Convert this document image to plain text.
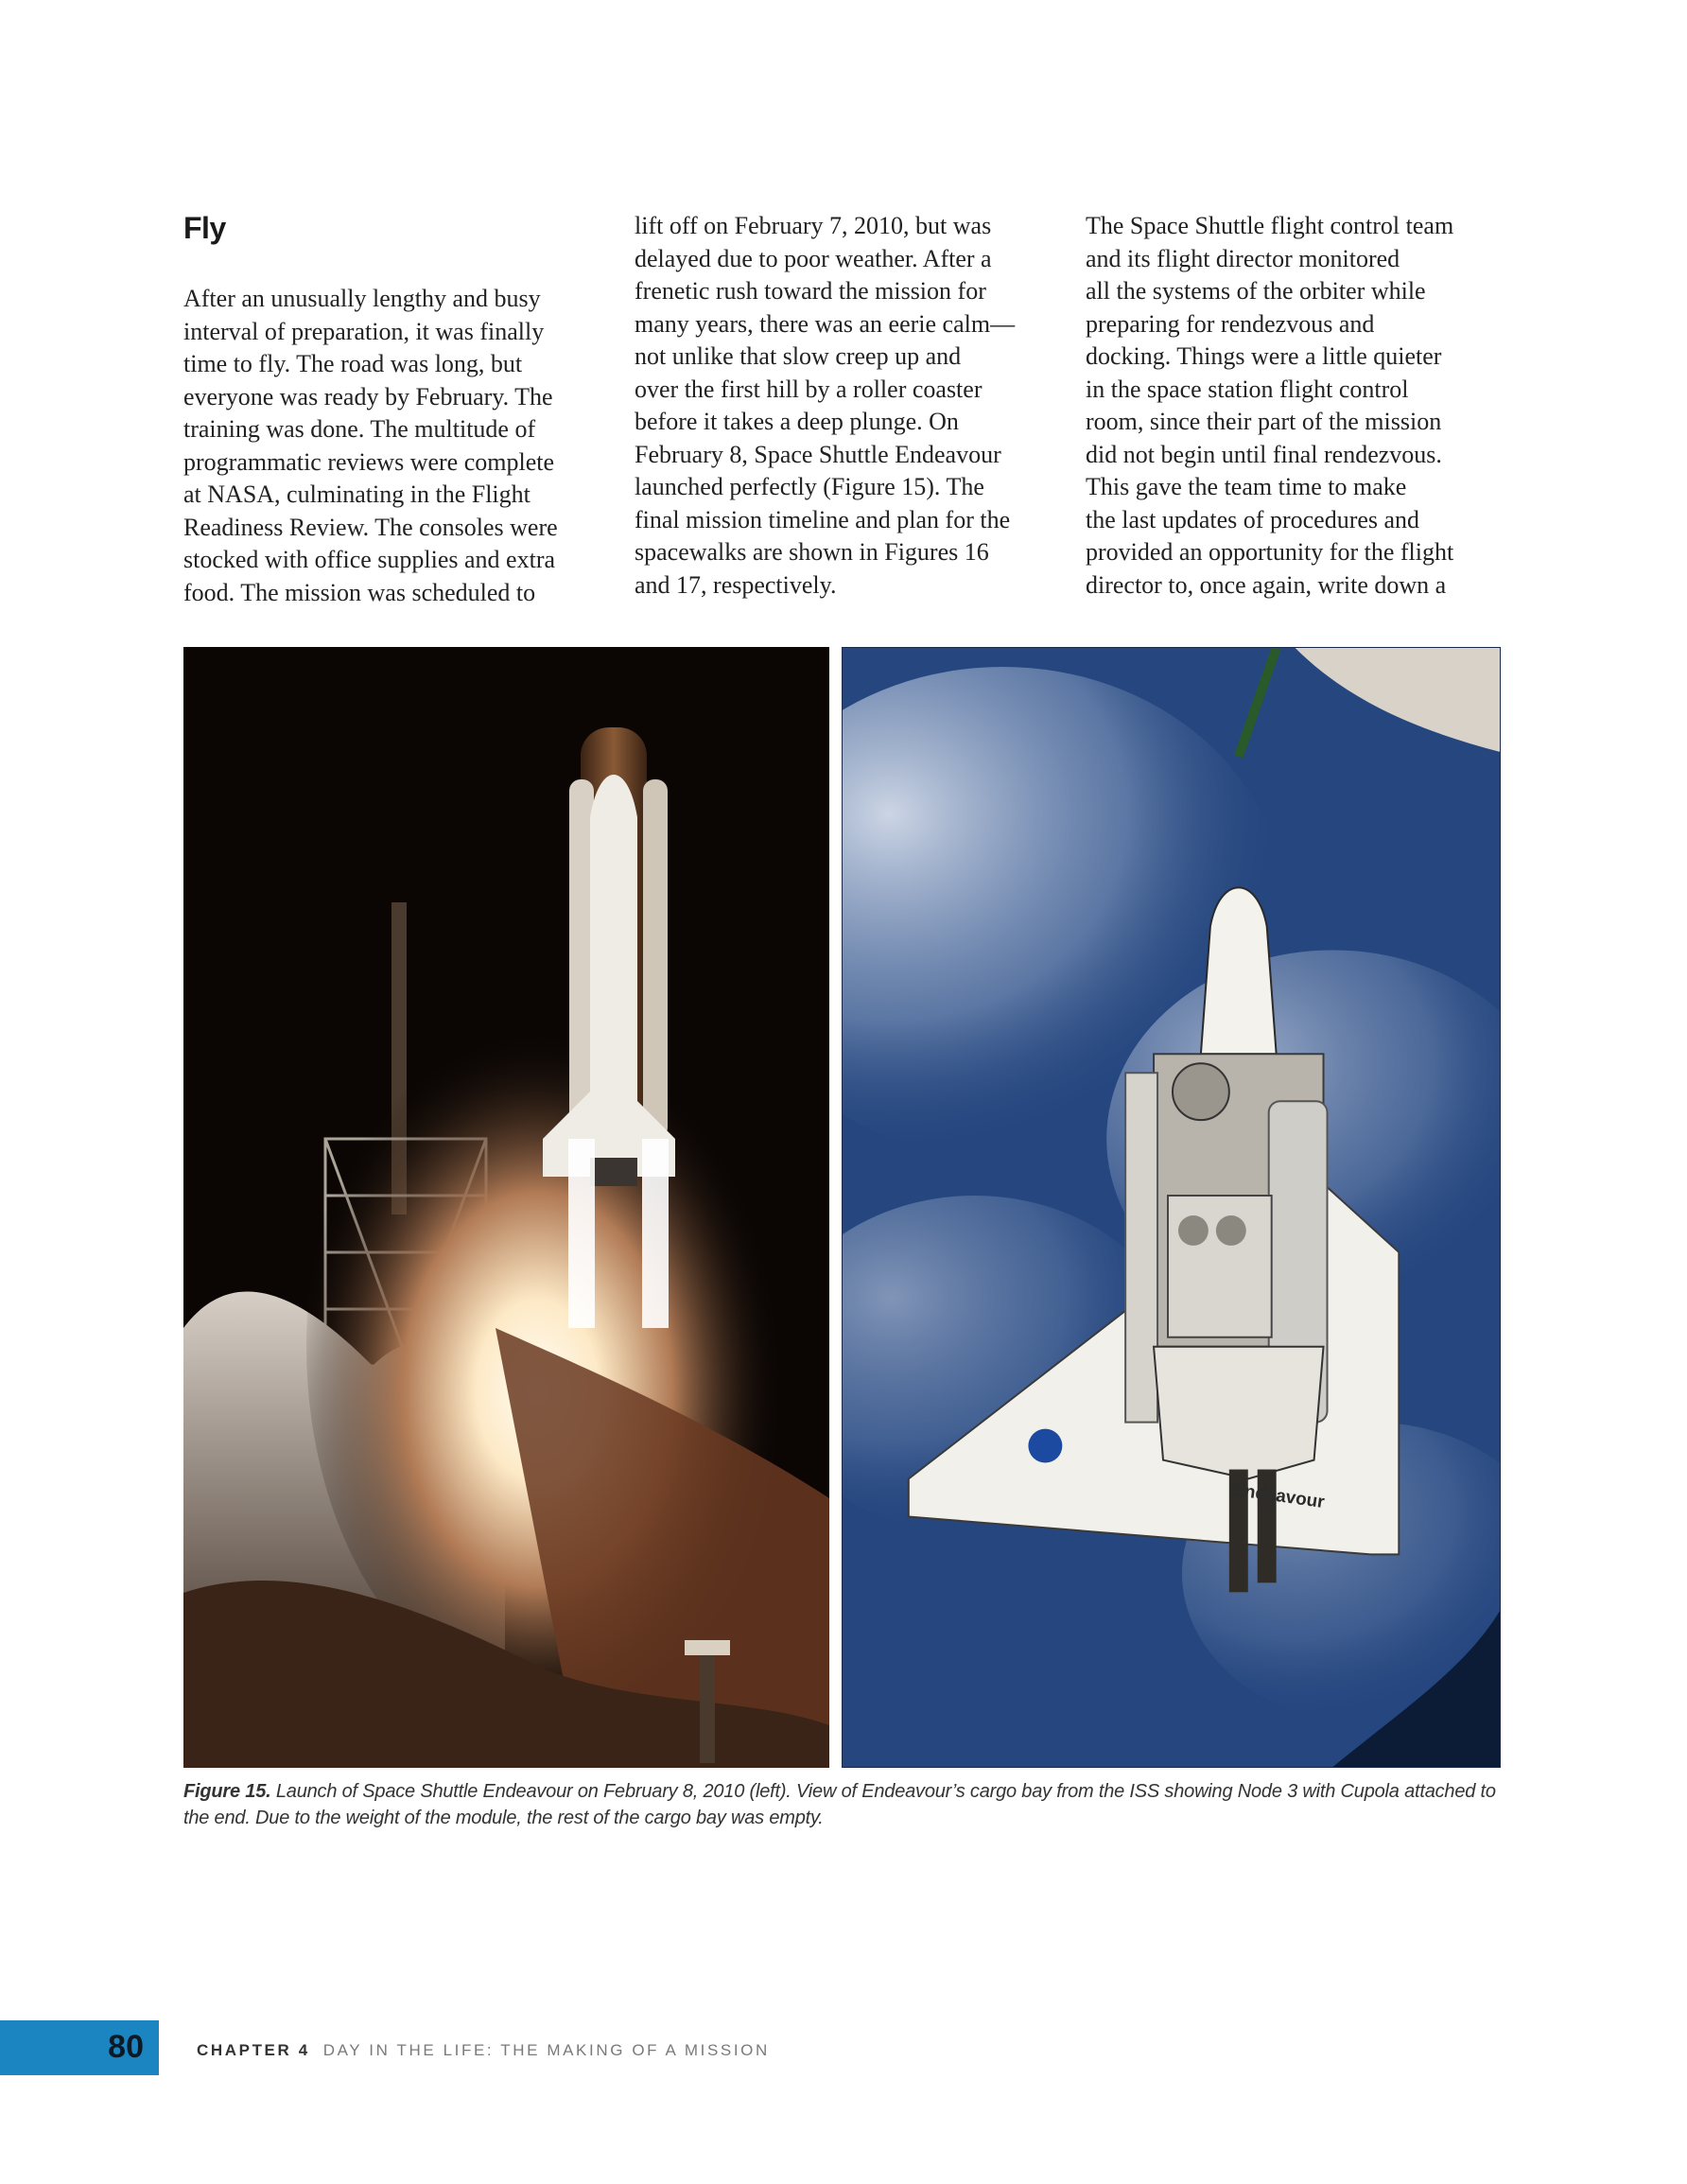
Fly

After an unusually lengthy and busy
interval of preparation, it was finally
time to fly. The road was long, but
everyone was ready by February. The
training was done. The multitude of
programmatic reviews were complete
at NASA, culminating in the Flight
Readiness Review. The consoles were
stocked with office supplies and extra
food. The mission was scheduled to

lift off on February 7, 2010, but was
delayed due to poor weather. After a
frenetic rush toward the mission for
many years, there was an eerie calm—
not unlike that slow creep up and
over the first hill by a roller coaster
before it takes a deep plunge. On
February 8, Space Shuttle Endeavour
launched perfectly (Figure 15). The
final mission timeline and plan for the
spacewalks are shown in Figures 16
and 17, respectively.

The Space Shuttle flight control team
and its flight director monitored
all the systems of the orbiter while
preparing for rendezvous and
docking. Things were a little quieter
in the space station flight control
room, since their part of the mission
did not begin until final rendezvous.
This gave the team time to make
the last updates of procedures and
provided an opportunity for the flight
director to, once again, write down a

Endeavour
Figure 15. Launch of Space Shuttle Endeavour on February 8, 2010 (left). View of Endeavour’s cargo bay from the ISS showing Node 3 with Cupola attached to the end. Due to the weight of the module, the rest of the cargo bay was empty.
80	CHAPTER 4 DAY IN THE LIFE: THE MAKING OF A MISSION
